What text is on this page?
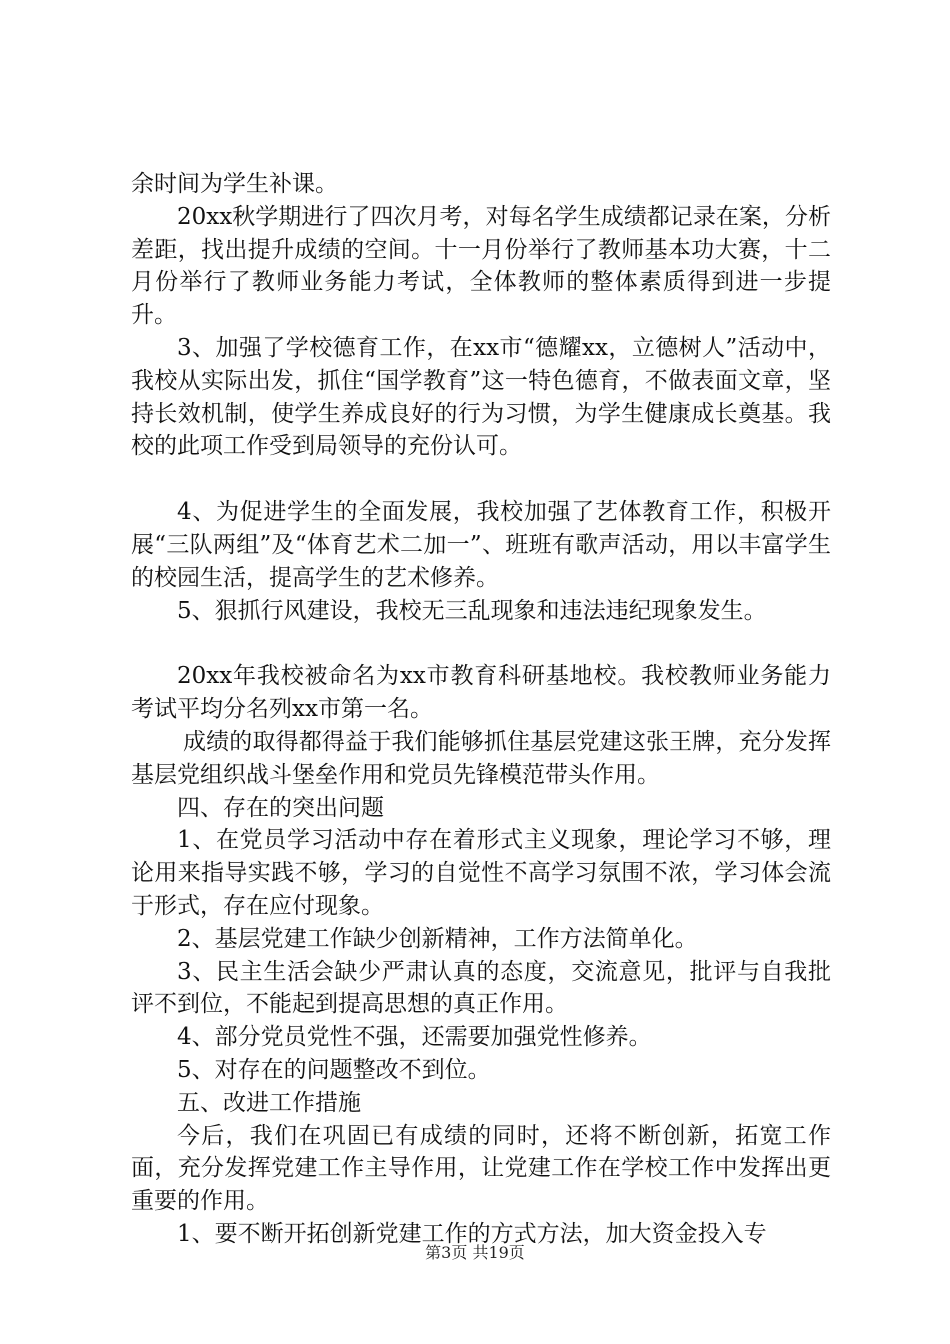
余时间为学生补课。

20xx秋学期进行了四次月考，对每名学生成绩都记录在案，分析差距，找出提升成绩的空间。十一月份举行了教师基本功大赛，十二月份举行了教师业务能力考试，全体教师的整体素质得到进一步提升。

3、加强了学校德育工作，在xx市“德耀xx，立德树人”活动中，我校从实际出发，抓住“国学教育”这一特色德育，不做表面文章，坚持长效机制，使学生养成良好的行为习惯，为学生健康成长奠基。我校的此项工作受到局领导的充份认可。

4、为促进学生的全面发展，我校加强了艺体教育工作，积极开展“三队两组”及“体育艺术二加一”、班班有歌声活动，用以丰富学生的校园生活，提高学生的艺术修养。

5、狠抓行风建设，我校无三乱现象和违法违纪现象发生。

20xx年我校被命名为xx市教育科研基地校。我校教师业务能力考试平均分名列xx市第一名。

成绩的取得都得益于我们能够抓住基层党建这张王牌，充分发挥基层党组织战斗堡垒作用和党员先锋模范带头作用。

四、存在的突出问题

1、在党员学习活动中存在着形式主义现象，理论学习不够，理论用来指导实践不够，学习的自觉性不高学习氛围不浓，学习体会流于形式，存在应付现象。

2、基层党建工作缺少创新精神，工作方法简单化。

3、民主生活会缺少严肃认真的态度，交流意见，批评与自我批评不到位，不能起到提高思想的真正作用。

4、部分党员党性不强，还需要加强党性修养。

5、对存在的问题整改不到位。

五、改进工作措施

今后，我们在巩固已有成绩的同时，还将不断创新，拓宽工作面，充分发挥党建工作主导作用，让党建工作在学校工作中发挥出更重要的作用。

1、要不断开拓创新党建工作的方式方法，加大资金投入专

第3页 共19页
